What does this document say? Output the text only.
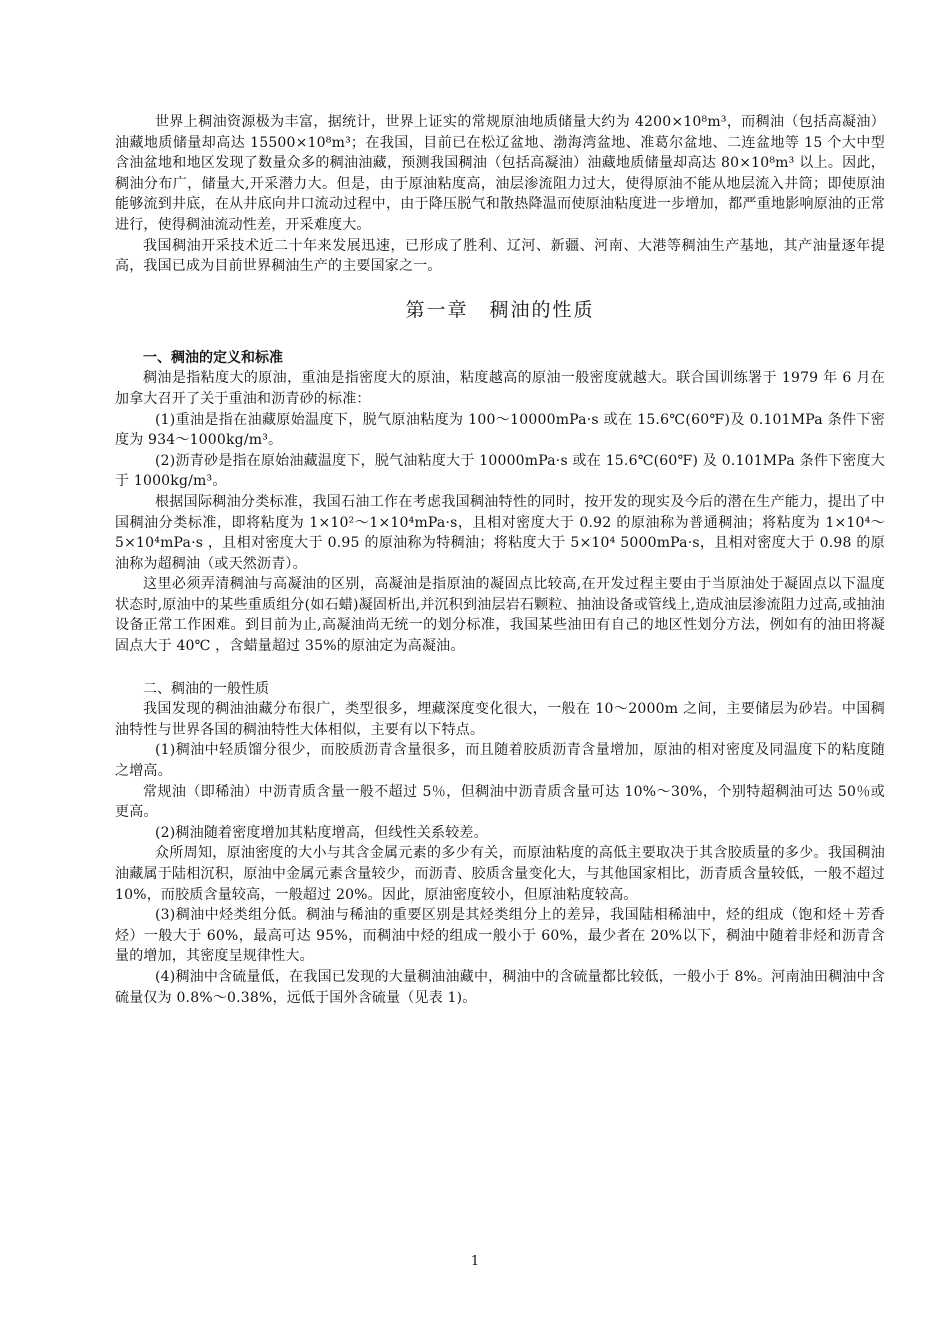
世界上稠油资源极为丰富，据统计，世界上证实的常规原油地质储量大约为 4200×10⁸m³，而稠油（包括高凝油）油藏地质储量却高达 15500×10⁸m³；在我国，目前已在松辽盆地、渤海湾盆地、准葛尔盆地、二连盆地等 15 个大中型含油盆地和地区发现了数量众多的稠油油藏，预测我国稠油（包括高凝油）油藏地质储量却高达 80×10⁸m³ 以上。因此，稠油分布广，储量大,开采潜力大。但是，由于原油粘度高，油层渗流阻力过大，使得原油不能从地层流入井筒；即使原油能够流到井底，在从井底向井口流动过程中，由于降压脱气和散热降温而使原油粘度进一步增加，都严重地影响原油的正常进行，使得稠油流动性差，开采难度大。

我国稠油开采技术近二十年来发展迅速，已形成了胜利、辽河、新疆、河南、大港等稠油生产基地，其产油量逐年提高，我国已成为目前世界稠油生产的主要国家之一。

第一章　稠油的性质
一、稠油的定义和标准

稠油是指粘度大的原油，重油是指密度大的原油，粘度越高的原油一般密度就越大。联合国训练署于 1979 年 6 月在加拿大召开了关于重油和沥青砂的标准：

(1)重油是指在油藏原始温度下，脱气原油粘度为 100～10000mPa·s 或在 15.6℃(60℉)及 0.101MPa 条件下密度为 934～1000kg/m³。

(2)沥青砂是指在原始油藏温度下，脱气油粘度大于 10000mPa·s 或在 15.6℃(60℉) 及 0.101MPa 条件下密度大于 1000kg/m³。

根据国际稠油分类标准，我国石油工作在考虑我国稠油特性的同时，按开发的现实及今后的潜在生产能力，提出了中国稠油分类标准，即将粘度为 1×10²～1×10⁴mPa·s，且相对密度大于 0.92 的原油称为普通稠油；将粘度为 1×10⁴～5×10⁴mPa·s ，且相对密度大于 0.95 的原油称为特稠油；将粘度大于 5×10⁴ 5000mPa·s，且相对密度大于 0.98 的原油称为超稠油（或天然沥青）。

这里必须弄清稠油与高凝油的区别，高凝油是指原油的凝固点比较高,在开发过程主要由于当原油处于凝固点以下温度状态时,原油中的某些重质组分(如石蜡)凝固析出,并沉积到油层岩石颗粒、抽油设备或管线上,造成油层渗流阻力过高,或抽油设备正常工作困难。到目前为止,高凝油尚无统一的划分标准，我国某些油田有自己的地区性划分方法，例如有的油田将凝固点大于 40℃ ，含蜡量超过 35%的原油定为高凝油。

二、稠油的一般性质

我国发现的稠油油藏分布很广，类型很多，埋藏深度变化很大，一般在 10～2000m 之间，主要储层为砂岩。中国稠油特性与世界各国的稠油特性大体相似，主要有以下特点。

(1)稠油中轻质馏分很少，而胶质沥青含量很多，而且随着胶质沥青含量增加，原油的相对密度及同温度下的粘度随之增高。

常规油（即稀油）中沥青质含量一般不超过 5％，但稠油中沥青质含量可达 10%～30%，个别特超稠油可达 50％或更高。

(2)稠油随着密度增加其粘度增高，但线性关系较差。

众所周知，原油密度的大小与其含金属元素的多少有关，而原油粘度的高低主要取决于其含胶质量的多少。我国稠油油藏属于陆相沉积，原油中金属元素含量较少，而沥青、胶质含量变化大，与其他国家相比，沥青质含量较低，一般不超过 10%，而胶质含量较高，一般超过 20%。因此，原油密度较小，但原油粘度较高。

(3)稠油中烃类组分低。稠油与稀油的重要区别是其烃类组分上的差异，我国陆相稀油中，烃的组成（饱和烃＋芳香烃）一般大于 60%，最高可达 95%，而稠油中烃的组成一般小于 60%，最少者在 20%以下，稠油中随着非烃和沥青含量的增加，其密度呈规律性大。

(4)稠油中含硫量低，在我国已发现的大量稠油油藏中，稠油中的含硫量都比较低，一般小于 8%。河南油田稠油中含硫量仅为 0.8%～0.38%，远低于国外含硫量（见表 1)。

1
